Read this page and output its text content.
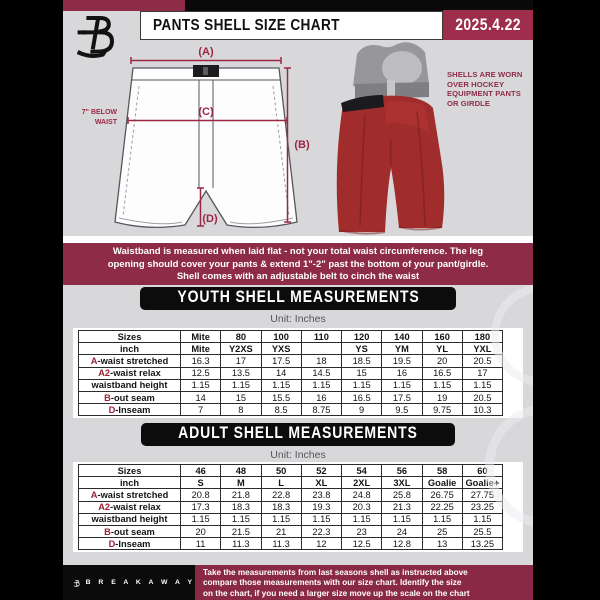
PANTS SHELL SIZE CHART	2025.4.22
(A)
(B)
(C)
(D)
7" BELOW
WAIST
SHELLS ARE WORN
OVER HOCKEY
EQUIPMENT PANTS
OR GIRDLE
Waistband is measured when laid flat - not your total waist circumference. The leg
opening should cover your pants & extend 1"-2" past the bottom of your pant/girdle.
Shell comes with an adjustable belt to cinch the waist
YOUTH SHELL MEASUREMENTS
Unit: Inches
Sizes	Mite	80	100	110	120	140	160	180
inch	Mite	Y2XS	YXS		YS	YM	YL	YXL
A-waist stretched	16.3	17	17.5	18	18.5	19.5	20	20.5
A2-waist relax	12.5	13.5	14	14.5	15	16	16.5	17
waistband height	1.15	1.15	1.15	1.15	1.15	1.15	1.15	1.15
B-out seam	14	15	15.5	16	16.5	17.5	19	20.5
D-Inseam	7	8	8.5	8.75	9	9.5	9.75	10.3
ADULT SHELL MEASUREMENTS
Unit: Inches
Sizes	46	48	50	52	54	56	58	60
inch	S	M	L	XL	2XL	3XL	Goalie	Goalie+
A-waist stretched	20.8	21.8	22.8	23.8	24.8	25.8	26.75	27.75
A2-waist relax	17.3	18.3	18.3	19.3	20.3	21.3	22.25	23.25
waistband height	1.15	1.15	1.15	1.15	1.15	1.15	1.15	1.15
B-out seam	20	21.5	21	22.3	23	24	25	25.5
D-Inseam	11	11.3	11.3	12	12.5	12.8	13	13.25
B R E A K A W A Y
Take the measurements from last seasons shell as instructed above
compare those measurements with our size chart. Identify the size
on the chart, if you need a larger size move up the scale on the chart
